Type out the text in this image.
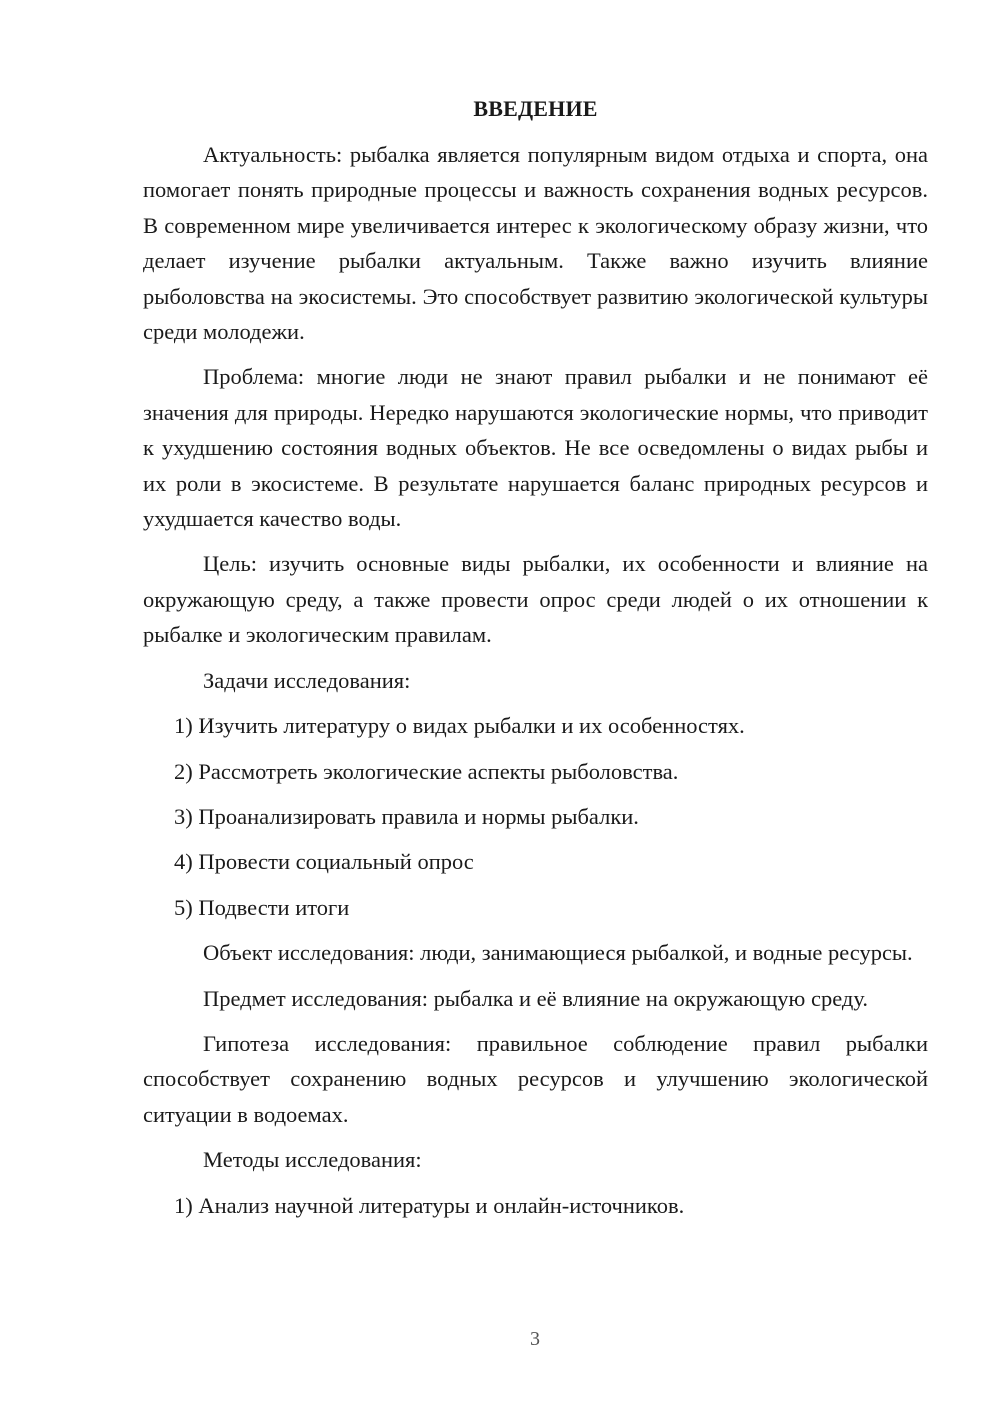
ВВЕДЕНИЕ
Актуальность: рыбалка является популярным видом отдыха и спорта, она помогает понять природные процессы и важность сохранения водных ресурсов. В современном мире увеличивается интерес к экологическому образу жизни, что делает изучение рыбалки актуальным. Также важно изучить влияние рыболовства на экосистемы. Это способствует развитию экологической культуры среди молодежи.
Проблема: многие люди не знают правил рыбалки и не понимают её значения для природы. Нередко нарушаются экологические нормы, что приводит к ухудшению состояния водных объектов. Не все осведомлены о видах рыбы и их роли в экосистеме. В результате нарушается баланс природных ресурсов и ухудшается качество воды.
Цель: изучить основные виды рыбалки, их особенности и влияние на окружающую среду, а также провести опрос среди людей о их отношении к рыбалке и экологическим правилам.
Задачи исследования:
1) Изучить литературу о видах рыбалки и их особенностях.
2) Рассмотреть экологические аспекты рыболовства.
3) Проанализировать правила и нормы рыбалки.
4) Провести социальный опрос
5) Подвести итоги
Объект исследования: люди, занимающиеся рыбалкой, и водные ресурсы.
Предмет исследования: рыбалка и её влияние на окружающую среду.
Гипотеза исследования: правильное соблюдение правил рыбалки способствует сохранению водных ресурсов и улучшению экологической ситуации в водоемах.
Методы исследования:
1) Анализ научной литературы и онлайн-источников.
3
